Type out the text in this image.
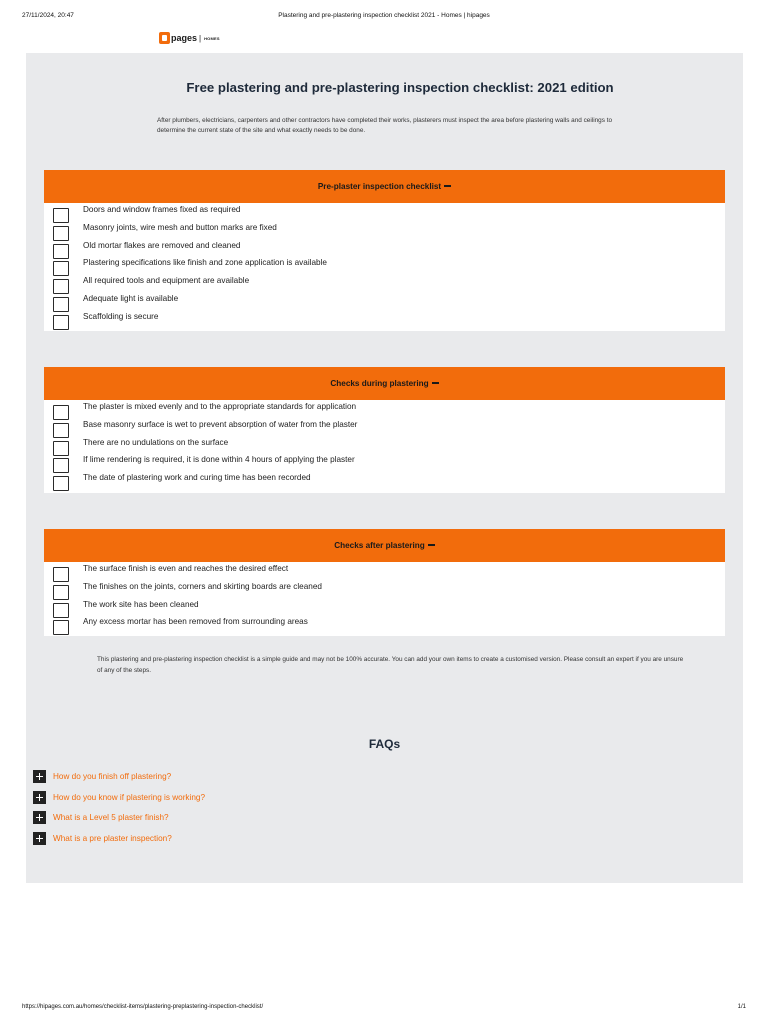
27/11/2024, 20:47	Plastering and pre-plastering inspection checklist 2021 - Homes | hipages
pages | HOMES
Free plastering and pre-plastering inspection checklist: 2021 edition

After plumbers, electricians, carpenters and other contractors have completed their works, plasterers must inspect the area before plastering walls and ceilings to determine the current state of the site and what exactly needs to be done.

Pre-plaster inspection checklist
Doors and window frames fixed as required
Masonry joints, wire mesh and button marks are fixed
Old mortar flakes are removed and cleaned
Plastering specifications like finish and zone application is available
All required tools and equipment are available
Adequate light is available
Scaffolding is secure
Checks during plastering
The plaster is mixed evenly and to the appropriate standards for application
Base masonry surface is wet to prevent absorption of water from the plaster
There are no undulations on the surface
If lime rendering is required, it is done within 4 hours of applying the plaster
The date of plastering work and curing time has been recorded
Checks after plastering
The surface finish is even and reaches the desired effect
The finishes on the joints, corners and skirting boards are cleaned
The work site has been cleaned
Any excess mortar has been removed from surrounding areas

This plastering and pre-plastering inspection checklist is a simple guide and may not be 100% accurate. You can add your own items to create a customised version. Please consult an expert if you are unsure of any of the steps.

FAQs
How do you finish off plastering?
How do you know if plastering is working?
What is a Level 5 plaster finish?
What is a pre plaster inspection?
https://hipages.com.au/homes/checklist-items/plastering-preplastering-inspection-checklist/	1/1
